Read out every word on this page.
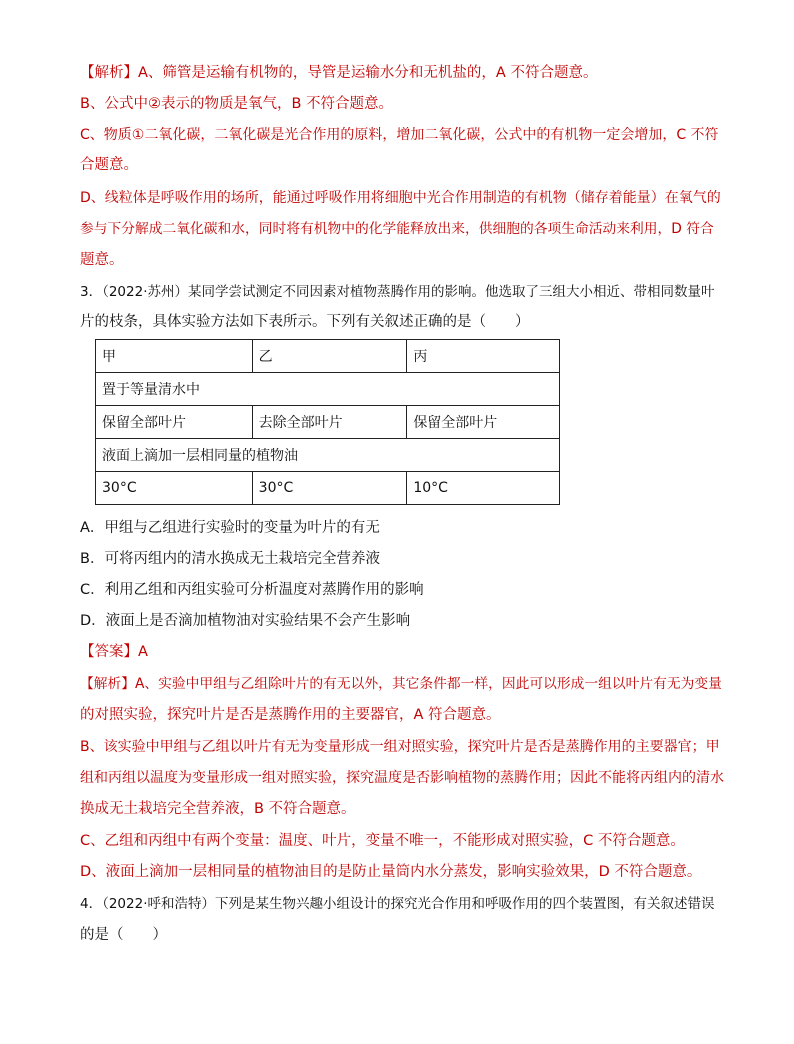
【解析】A、筛管是运输有机物的，导管是运输水分和无机盐的，A 不符合题意。
B、公式中②表示的物质是氧气，B 不符合题意。
C、物质①二氧化碳，二氧化碳是光合作用的原料，增加二氧化碳，公式中的有机物一定会增加，C 不符
合题意。
D、线粒体是呼吸作用的场所，能通过呼吸作用将细胞中光合作用制造的有机物（储存着能量）在氧气的
参与下分解成二氧化碳和水，同时将有机物中的化学能释放出来，供细胞的各项生命活动来利用，D 符合
题意。
3．（2022·苏州）某同学尝试测定不同因素对植物蒸腾作用的影响。他选取了三组大小相近、带相同数量叶
片的枝条，具体实验方法如下表所示。下列有关叙述正确的是（　　）
甲	乙	丙
置于等量清水中		
保留全部叶片	去除全部叶片	保留全部叶片
液面上滴加一层相同量的植物油		
30°C	30°C	10°C
A．甲组与乙组进行实验时的变量为叶片的有无
B．可将丙组内的清水换成无土栽培完全营养液
C．利用乙组和丙组实验可分析温度对蒸腾作用的影响
D．液面上是否滴加植物油对实验结果不会产生影响
【答案】A
【解析】A、实验中甲组与乙组除叶片的有无以外，其它条件都一样，因此可以形成一组以叶片有无为变量
的对照实验，探究叶片是否是蒸腾作用的主要器官，A 符合题意。
B、该实验中甲组与乙组以叶片有无为变量形成一组对照实验，探究叶片是否是蒸腾作用的主要器官；甲
组和丙组以温度为变量形成一组对照实验，探究温度是否影响植物的蒸腾作用；因此不能将丙组内的清水
换成无土栽培完全营养液，B 不符合题意。
C、乙组和丙组中有两个变量：温度、叶片，变量不唯一，不能形成对照实验，C 不符合题意。
D、液面上滴加一层相同量的植物油目的是防止量筒内水分蒸发，影响实验效果，D 不符合题意。
4．（2022·呼和浩特）下列是某生物兴趣小组设计的探究光合作用和呼吸作用的四个装置图，有关叙述错误
的是（　　）
